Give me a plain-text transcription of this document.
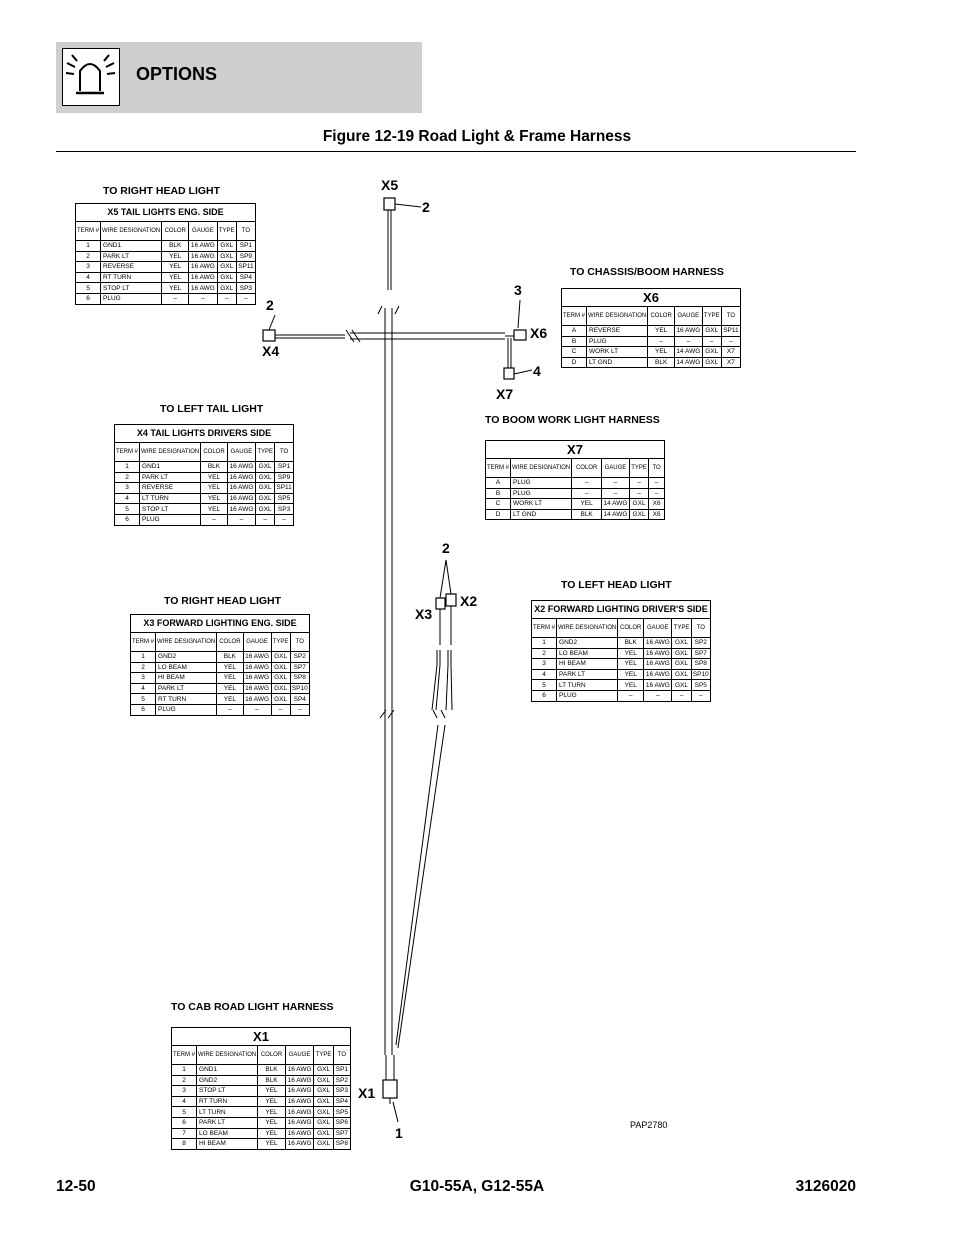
OPTIONS
Figure 12-19 Road Light & Frame Harness
X5
2
2
X4
3
X6
4
X7
2
X2
X3
X1
1	PAP2780
TO RIGHT HEAD LIGHT
X5 TAIL LIGHTS ENG. SIDE					
TERM #	WIRE DESIGNATION	COLOR	GAUGE	TYPE	TO
1	GND1	BLK	16 AWG	GXL	SP1
2	PARK LT	YEL	16 AWG	GXL	SP9
3	REVERSE	YEL	16 AWG	GXL	SP11
4	RT TURN	YEL	16 AWG	GXL	SP4
5	STOP LT	YEL	16 AWG	GXL	SP3
6	PLUG	–	–	–	–
TO CHASSIS/BOOM HARNESS
X6					
TERM #	WIRE DESIGNATION	COLOR	GAUGE	TYPE	TO
A	REVERSE	YEL	16 AWG	GXL	SP11
B	PLUG	–	–	–	–
C	WORK LT	YEL	14 AWG	GXL	X7
D	LT GND	BLK	14 AWG	GXL	X7
TO LEFT TAIL LIGHT
X4 TAIL LIGHTS DRIVERS SIDE					
TERM #	WIRE DESIGNATION	COLOR	GAUGE	TYPE	TO
1	GND1	BLK	16 AWG	GXL	SP1
2	PARK LT	YEL	16 AWG	GXL	SP9
3	REVERSE	YEL	16 AWG	GXL	SP11
4	LT TURN	YEL	16 AWG	GXL	SP5
5	STOP LT	YEL	16 AWG	GXL	SP3
6	PLUG	–	–	–	–
TO BOOM WORK LIGHT HARNESS
X7					
TERM #	WIRE DESIGNATION	COLOR	GAUGE	TYPE	TO
A	PLUG	–	–	–	–
B	PLUG	–	–	–	–
C	WORK LT	YEL	14 AWG	GXL	X6
D	LT GND	BLK	14 AWG	GXL	X6
TO RIGHT HEAD LIGHT
X3 FORWARD LIGHTING ENG. SIDE					
TERM #	WIRE DESIGNATION	COLOR	GAUGE	TYPE	TO
1	GND2	BLK	16 AWG	GXL	SP2
2	LO BEAM	YEL	16 AWG	GXL	SP7
3	HI BEAM	YEL	16 AWG	GXL	SP8
4	PARK LT	YEL	16 AWG	GXL	SP10
5	RT TURN	YEL	16 AWG	GXL	SP4
6	PLUG	–	–	–	–
TO LEFT HEAD LIGHT
X2 FORWARD LIGHTING DRIVER'S SIDE					
TERM #	WIRE DESIGNATION	COLOR	GAUGE	TYPE	TO
1	GND2	BLK	16 AWG	GXL	SP2
2	LO BEAM	YEL	16 AWG	GXL	SP7
3	HI BEAM	YEL	16 AWG	GXL	SP8
4	PARK LT	YEL	16 AWG	GXL	SP10
5	LT TURN	YEL	16 AWG	GXL	SP5
6	PLUG	–	–	–	–
TO CAB ROAD LIGHT HARNESS
X1					
TERM #	WIRE DESIGNATION	COLOR	GAUGE	TYPE	TO
1	GND1	BLK	16 AWG	GXL	SP1
2	GND2	BLK	16 AWG	GXL	SP2
3	STOP LT	YEL	16 AWG	GXL	SP3
4	RT TURN	YEL	16 AWG	GXL	SP4
5	LT TURN	YEL	16 AWG	GXL	SP5
6	PARK LT	YEL	16 AWG	GXL	SP6
7	LO BEAM	YEL	16 AWG	GXL	SP7
8	HI BEAM	YEL	16 AWG	GXL	SP8
12-50	G10-55A, G12-55A	3126020
